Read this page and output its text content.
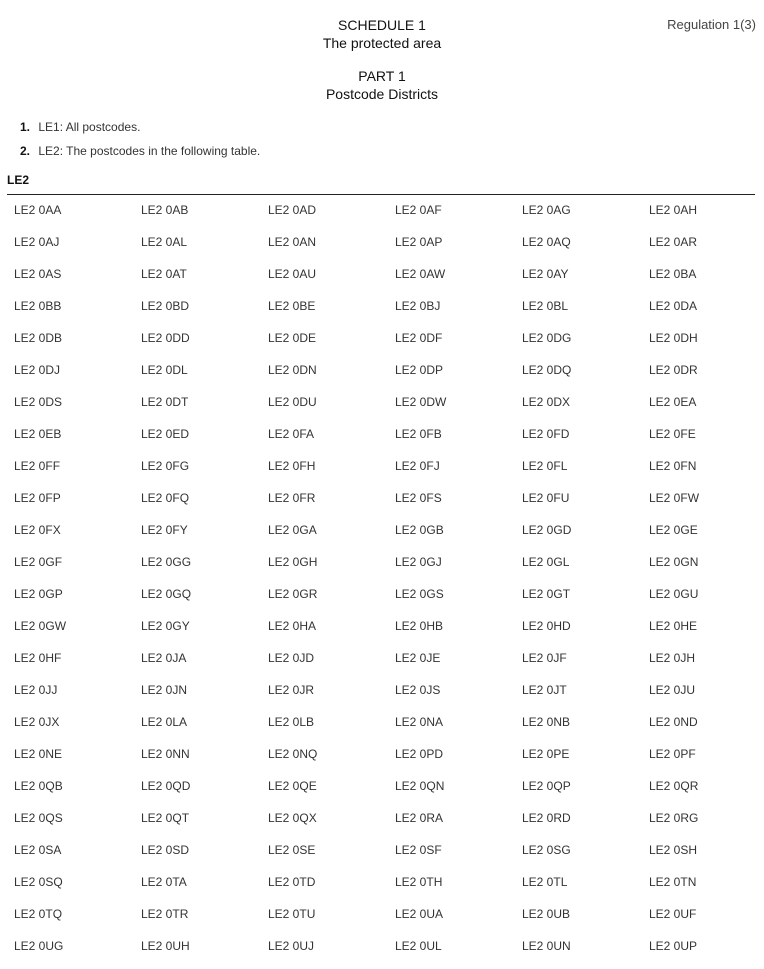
Regulation 1(3)
SCHEDULE 1
The protected area
PART 1
Postcode Districts
1. LE1: All postcodes.
2. LE2: The postcodes in the following table.
LE2
LE2 0AA	LE2 0AB	LE2 0AD	LE2 0AF	LE2 0AG	LE2 0AH
LE2 0AJ	LE2 0AL	LE2 0AN	LE2 0AP	LE2 0AQ	LE2 0AR
LE2 0AS	LE2 0AT	LE2 0AU	LE2 0AW	LE2 0AY	LE2 0BA
LE2 0BB	LE2 0BD	LE2 0BE	LE2 0BJ	LE2 0BL	LE2 0DA
LE2 0DB	LE2 0DD	LE2 0DE	LE2 0DF	LE2 0DG	LE2 0DH
LE2 0DJ	LE2 0DL	LE2 0DN	LE2 0DP	LE2 0DQ	LE2 0DR
LE2 0DS	LE2 0DT	LE2 0DU	LE2 0DW	LE2 0DX	LE2 0EA
LE2 0EB	LE2 0ED	LE2 0FA	LE2 0FB	LE2 0FD	LE2 0FE
LE2 0FF	LE2 0FG	LE2 0FH	LE2 0FJ	LE2 0FL	LE2 0FN
LE2 0FP	LE2 0FQ	LE2 0FR	LE2 0FS	LE2 0FU	LE2 0FW
LE2 0FX	LE2 0FY	LE2 0GA	LE2 0GB	LE2 0GD	LE2 0GE
LE2 0GF	LE2 0GG	LE2 0GH	LE2 0GJ	LE2 0GL	LE2 0GN
LE2 0GP	LE2 0GQ	LE2 0GR	LE2 0GS	LE2 0GT	LE2 0GU
LE2 0GW	LE2 0GY	LE2 0HA	LE2 0HB	LE2 0HD	LE2 0HE
LE2 0HF	LE2 0JA	LE2 0JD	LE2 0JE	LE2 0JF	LE2 0JH
LE2 0JJ	LE2 0JN	LE2 0JR	LE2 0JS	LE2 0JT	LE2 0JU
LE2 0JX	LE2 0LA	LE2 0LB	LE2 0NA	LE2 0NB	LE2 0ND
LE2 0NE	LE2 0NN	LE2 0NQ	LE2 0PD	LE2 0PE	LE2 0PF
LE2 0QB	LE2 0QD	LE2 0QE	LE2 0QN	LE2 0QP	LE2 0QR
LE2 0QS	LE2 0QT	LE2 0QX	LE2 0RA	LE2 0RD	LE2 0RG
LE2 0SA	LE2 0SD	LE2 0SE	LE2 0SF	LE2 0SG	LE2 0SH
LE2 0SQ	LE2 0TA	LE2 0TD	LE2 0TH	LE2 0TL	LE2 0TN
LE2 0TQ	LE2 0TR	LE2 0TU	LE2 0UA	LE2 0UB	LE2 0UF
LE2 0UG	LE2 0UH	LE2 0UJ	LE2 0UL	LE2 0UN	LE2 0UP
